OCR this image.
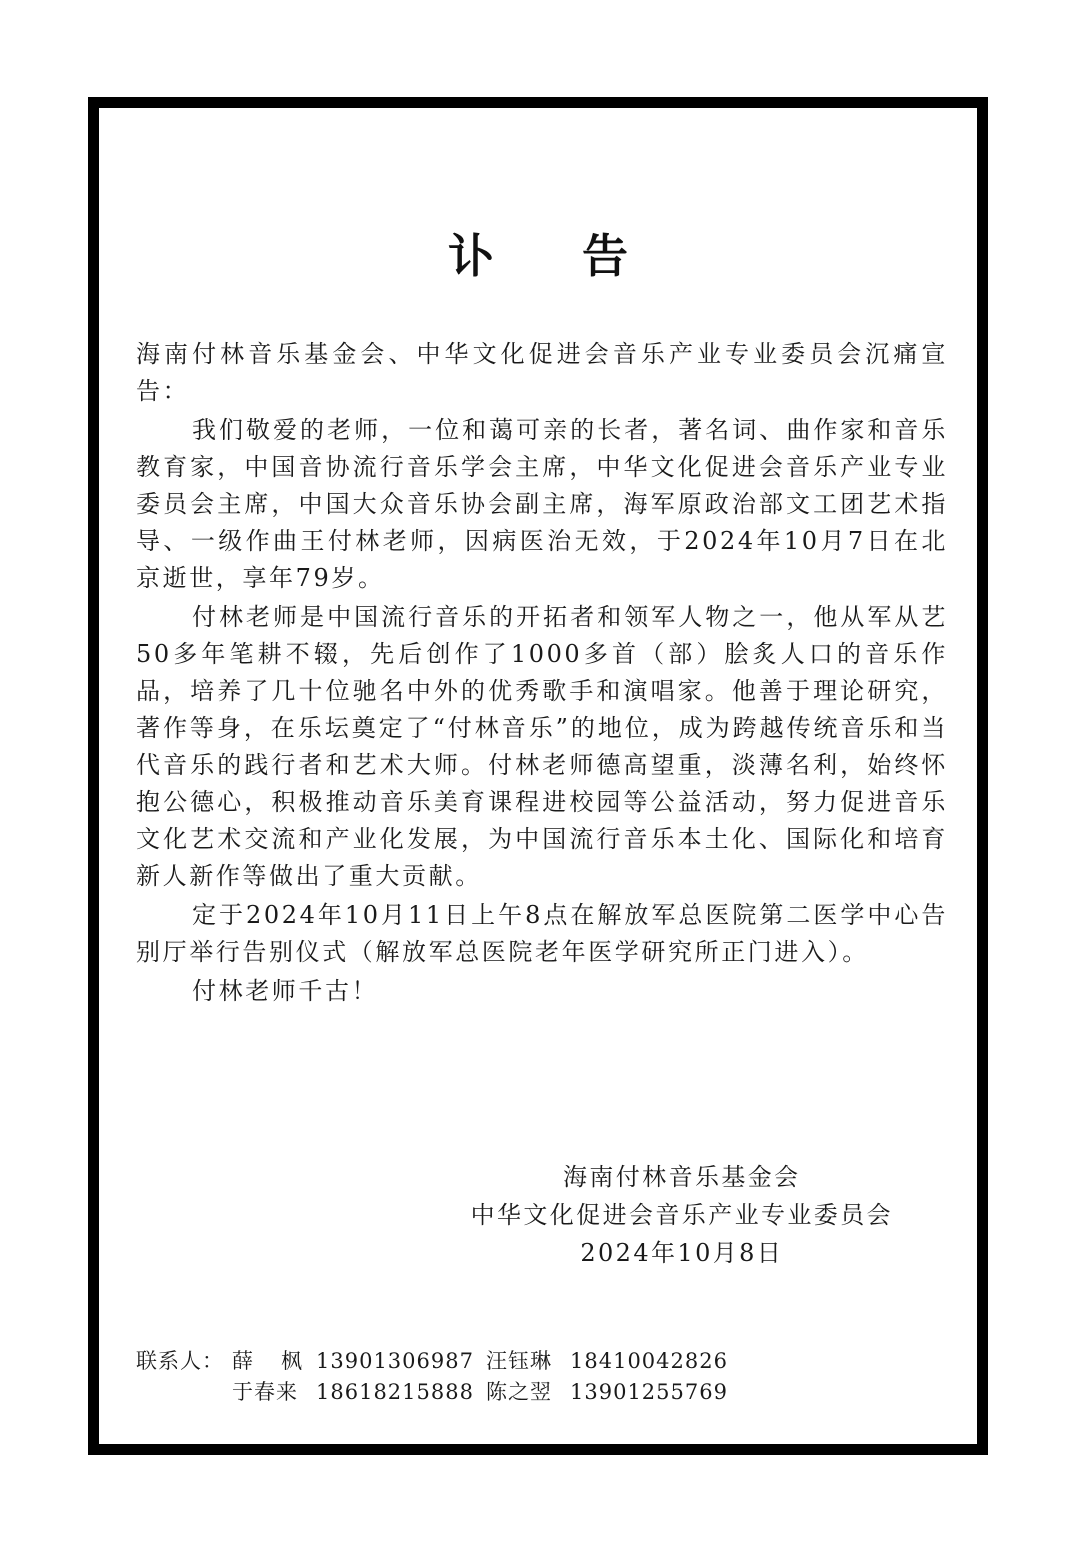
讣 告

海南付林音乐基金会、中华文化促进会音乐产业专业委员会沉痛宣告：

我们敬爱的老师，一位和蔼可亲的长者，著名词、曲作家和音乐教育家，中国音协流行音乐学会主席，中华文化促进会音乐产业专业委员会主席，中国大众音乐协会副主席，海军原政治部文工团艺术指导、一级作曲王付林老师，因病医治无效，于2024年10月7日在北京逝世，享年79岁。

付林老师是中国流行音乐的开拓者和领军人物之一，他从军从艺50多年笔耕不辍，先后创作了1000多首（部）脍炙人口的音乐作品，培养了几十位驰名中外的优秀歌手和演唱家。他善于理论研究，著作等身，在乐坛奠定了“付林音乐”的地位，成为跨越传统音乐和当代音乐的践行者和艺术大师。付林老师德高望重，淡薄名利，始终怀抱公德心，积极推动音乐美育课程进校园等公益活动，努力促进音乐文化艺术交流和产业化发展，为中国流行音乐本土化、国际化和培育新人新作等做出了重大贡献。

定于2024年10月11日上午8点在解放军总医院第二医学中心告别厅举行告别仪式（解放军总医院老年医学研究所正门进入）。

付林老师千古！

海南付林音乐基金会
中华文化促进会音乐产业专业委员会
2024年10月8日
联系人： 薛枫
13901306987 汪钰琳 18410042826
于春来 18618215888 陈之翌 13901255769
